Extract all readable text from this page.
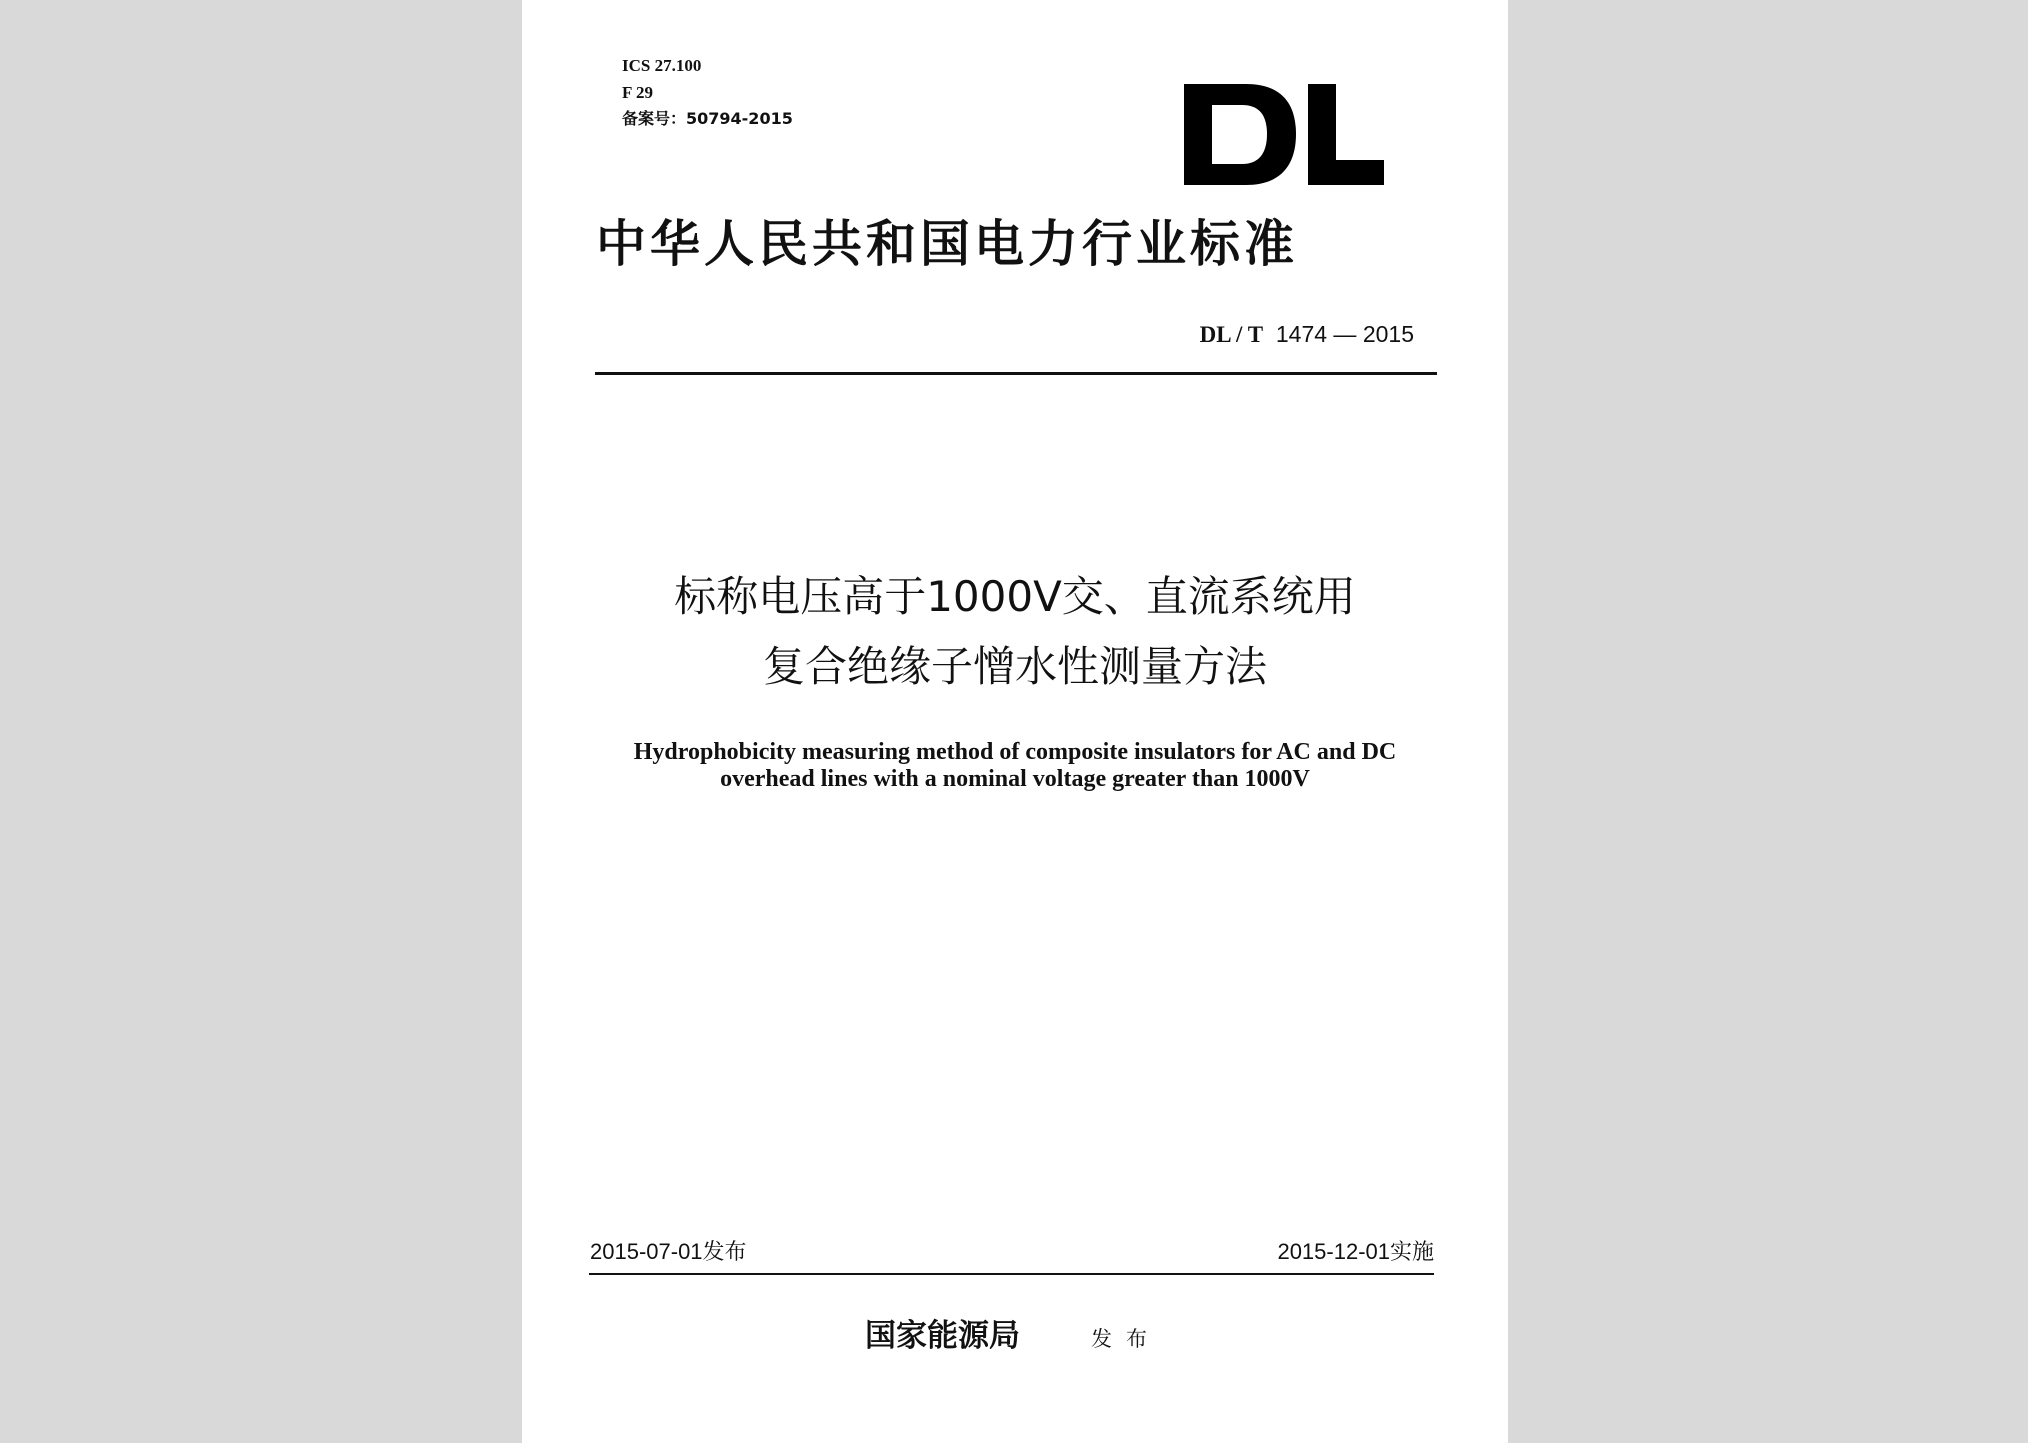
ICS 27.100
F 29
备案号：50794-2015
中华人民共和国电力行业标准
DL / T 1474 — 2015
标称电压高于1000V交、直流系统用
复合绝缘子憎水性测量方法
Hydrophobicity measuring method of composite insulators for AC and DC
overhead lines with a nominal voltage greater than 1000V
2015-07-01发布	2015-12-01实施
国家能源局	发布
